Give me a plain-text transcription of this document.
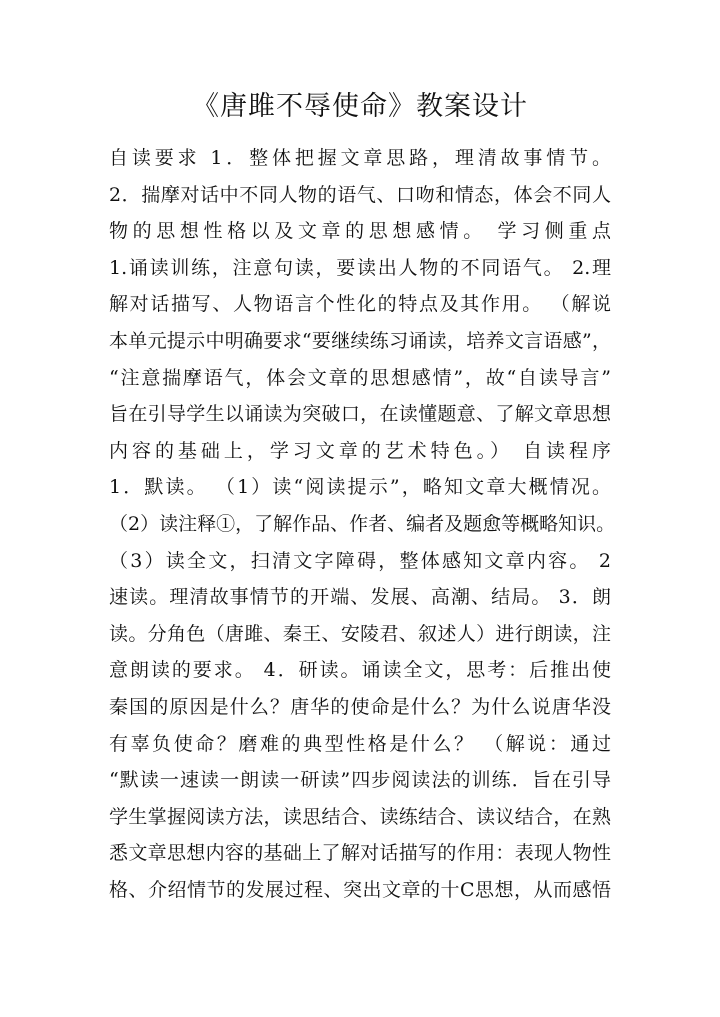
《唐雎不辱使命》教案设计
自读要求 1．整体把握文章思路，理清故事情节。
2．揣摩对话中不同人物的语气、口吻和情态，体会不同人
物的思想性格以及文章的思想感情。 学习侧重点
1.诵读训练，注意句读，要读出人物的不同语气。 2.理
解对话描写、人物语言个性化的特点及其作用。 （解说
本单元提示中明确要求“要继续练习诵读，培养文言语感”，
“注意揣摩语气，体会文章的思想感情”，故“自读导言”
旨在引导学生以诵读为突破口，在读懂题意、了解文章思想
内容的基础上，学习文章的艺术特色。） 自读程序
1．默读。 （1）读“阅读提示”，略知文章大概情况。
（2）读注释①，了解作品、作者、编者及题愈等概略知识。
（3）读全文，扫清文字障碍，整体感知文章内容。 2
速读。理清故事情节的开端、发展、高潮、结局。 3．朗
读。分角色（唐雎、秦王、安陵君、叙述人）进行朗读，注
意朗读的要求。 4．研读。诵读全文，思考：后推出使
秦国的原因是什么？唐华的使命是什么？为什么说唐华没
有辜负使命？磨难的典型性格是什么？ （解说：通过
“默读一速读一朗读一研读”四步阅读法的训练．旨在引导
学生掌握阅读方法，读思结合、读练结合、读议结合，在熟
悉文章思想内容的基础上了解对话描写的作用：表现人物性
格、介绍情节的发展过程、突出文章的十C思想，从而感悟
